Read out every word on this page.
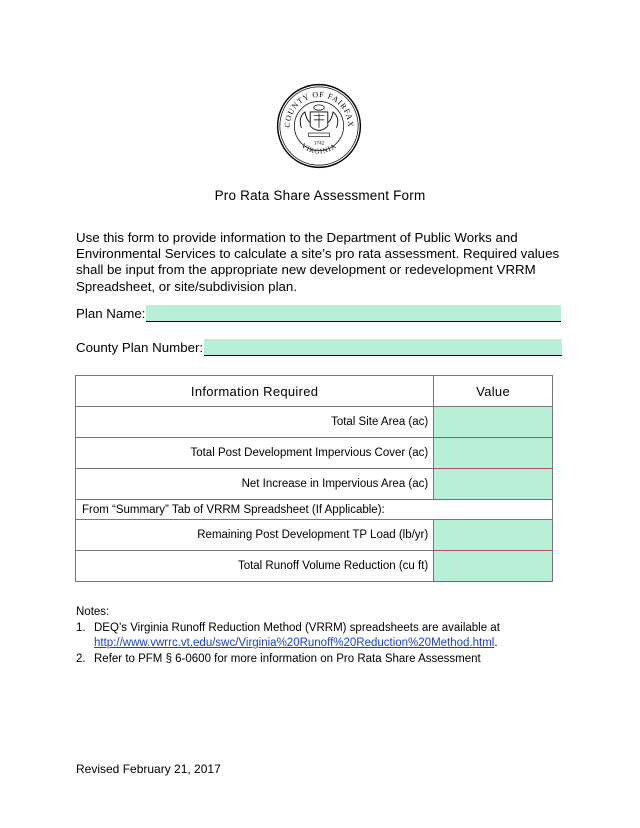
COUNTY OF FAIRFAX
VIRGINIA
1742
Pro Rata Share Assessment Form
Use this form to provide information to the Department of Public Works and Environmental Services to calculate a site’s pro rata assessment. Required values shall be input from the appropriate new development or redevelopment VRRM Spreadsheet, or site/subdivision plan.
Plan Name:
County Plan Number:
Information Required	Value
Total Site Area (ac)	
Total Post Development Impervious Cover (ac)	
Net Increase in Impervious Area (ac)	
From “Summary” Tab of VRRM Spreadsheet (If Applicable):	
Remaining Post Development TP Load (lb/yr)	
Total Runoff Volume Reduction (cu ft)	
Notes:
1. DEQ’s Virginia Runoff Reduction Method (VRRM) spreadsheets are available at http://www.vwrrc.vt.edu/swc/Virginia%20Runoff%20Reduction%20Method.html.
2. Refer to PFM § 6-0600 for more information on Pro Rata Share Assessment
Revised February 21, 2017
